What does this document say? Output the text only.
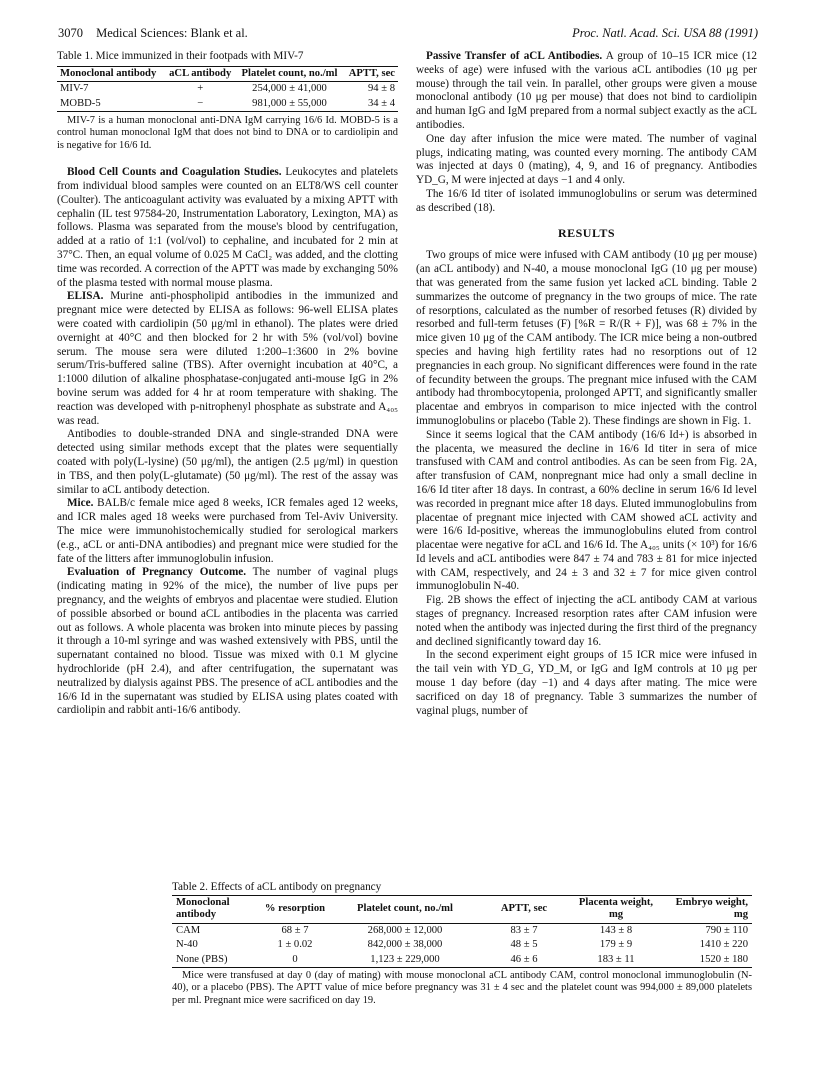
3070 Medical Sciences: Blank et al.	Proc. Natl. Acad. Sci. USA 88 (1991)
Table 1. Mice immunized in their footpads with MIV-7
Monoclonal antibody	aCL antibody	Platelet count, no./ml	APTT, sec
MIV-7	+	254,000 ± 41,000	94 ± 8
MOBD-5	−	981,000 ± 55,000	34 ± 4

MIV-7 is a human monoclonal anti-DNA IgM carrying 16/6 Id. MOBD-5 is a control human monoclonal IgM that does not bind to DNA or to cardiolipin and is negative for 16/6 Id.

Blood Cell Counts and Coagulation Studies. Leukocytes and platelets from individual blood samples were counted on an ELT8/WS cell counter (Coulter). The anticoagulant activity was evaluated by a mixing APTT with cephalin (IL test 97584-20, Instrumentation Laboratory, Lexington, MA) as follows. Plasma was separated from the mouse's blood by centrifugation, added at a ratio of 1:1 (vol/vol) to cephaline, and incubated for 2 min at 37°C. Then, an equal volume of 0.025 M CaCl₂ was added, and the clotting time was recorded. A correction of the APTT was made by exchanging 50% of the plasma tested with normal mouse plasma.

ELISA. Murine anti-phospholipid antibodies in the immunized and pregnant mice were detected by ELISA as follows: 96-well ELISA plates were coated with cardiolipin (50 μg/ml in ethanol). The plates were dried overnight at 40°C and then blocked for 2 hr with 5% (vol/vol) bovine serum. The mouse sera were diluted 1:200–1:3600 in 2% bovine serum/Tris-buffered saline (TBS). After overnight incubation at 40°C, a 1:1000 dilution of alkaline phosphatase-conjugated anti-mouse IgG in 2% bovine serum was added for 4 hr at room temperature with shaking. The reaction was developed with p-nitrophenyl phosphate as substrate and A₄₀₅ was read.

Antibodies to double-stranded DNA and single-stranded DNA were detected using similar methods except that the plates were sequentially coated with poly(L-lysine) (50 μg/ml), the antigen (2.5 μg/ml) in question in TBS, and then poly(L-glutamate) (50 μg/ml). The rest of the assay was similar to aCL antibody detection.

Mice. BALB/c female mice aged 8 weeks, ICR females aged 12 weeks, and ICR males aged 18 weeks were purchased from Tel-Aviv University. The mice were immunohistochemically studied for serological markers (e.g., aCL or anti-DNA antibodies) and pregnant mice were studied for the fate of the litters after immunoglobulin infusion.

Evaluation of Pregnancy Outcome. The number of vaginal plugs (indicating mating in 92% of the mice), the number of live pups per pregnancy, and the weights of embryos and placentae were studied. Elution of possible absorbed or bound aCL antibodies in the placenta was carried out as follows. A whole placenta was broken into minute pieces by passing it through a 10-ml syringe and was washed extensively with PBS, until the supernatant contained no blood. Tissue was mixed with 0.1 M glycine hydrochloride (pH 2.4), and after centrifugation, the supernatant was neutralized by dialysis against PBS. The presence of aCL antibodies and the 16/6 Id in the supernatant was studied by ELISA using plates coated with cardiolipin and rabbit anti-16/6 antibody.

Passive Transfer of aCL Antibodies. A group of 10–15 ICR mice (12 weeks of age) were infused with the various aCL antibodies (10 μg per mouse) through the tail vein. In parallel, other groups were given a mouse monoclonal antibody (10 μg per mouse) that does not bind to cardiolipin and human IgG and IgM prepared from a normal subject exactly as the aCL antibodies.

One day after infusion the mice were mated. The number of vaginal plugs, indicating mating, was counted every morning. The antibody CAM was injected at days 0 (mating), 4, 9, and 16 of pregnancy. Antibodies YD_G, M were injected at days −1 and 4 only.

The 16/6 Id titer of isolated immunoglobulins or serum was determined as described (18).

RESULTS

Two groups of mice were infused with CAM antibody (10 μg per mouse) (an aCL antibody) and N-40, a mouse monoclonal IgG (10 μg per mouse) that was generated from the same fusion yet lacked aCL binding. Table 2 summarizes the outcome of pregnancy in the two groups of mice. The rate of resorptions, calculated as the number of resorbed fetuses (R) divided by resorbed and full-term fetuses (F) [%R = R/(R + F)], was 68 ± 7% in the mice given 10 μg of the CAM antibody. The ICR mice being a non-outbred species and having high fertility rates had no resorptions out of 12 pregnancies in each group. No significant differences were found in the rate of fecundity between the groups. The pregnant mice infused with the CAM antibody had thrombocytopenia, prolonged APTT, and significantly smaller placentae and embryos in comparison to mice injected with the control immunoglobulins or placebo (Table 2). These findings are shown in Fig. 1.

Since it seems logical that the CAM antibody (16/6 Id+) is absorbed in the placenta, we measured the decline in 16/6 Id titer in sera of mice transfused with CAM and control antibodies. As can be seen from Fig. 2A, after transfusion of CAM, nonpregnant mice had only a small decline in 16/6 Id titer after 18 days. In contrast, a 60% decline in serum 16/6 Id level was recorded in pregnant mice after 18 days. Eluted immunoglobulins from placentae of pregnant mice injected with CAM showed aCL activity and were 16/6 Id-positive, whereas the immunoglobulins eluted from control placentae were negative for aCL and 16/6 Id. The A₄₀₅ units (× 10³) for 16/6 Id levels and aCL antibodies were 847 ± 74 and 783 ± 81 for mice injected with CAM, respectively, and 24 ± 3 and 32 ± 7 for mice given control immunoglobulin N-40.

Fig. 2B shows the effect of injecting the aCL antibody CAM at various stages of pregnancy. Increased resorption rates after CAM infusion were noted when the antibody was injected during the first third of the pregnancy and declined significantly toward day 16.

In the second experiment eight groups of 15 ICR mice were infused in the tail vein with YD_G, YD_M, or IgG and IgM controls at 10 μg per mouse 1 day before (day −1) and 4 days after mating. The mice were sacrificed on day 18 of pregnancy. Table 3 summarizes the number of vaginal plugs, number of

Table 2. Effects of aCL antibody on pregnancy
Monoclonal antibody	% resorption	Platelet count, no./ml	APTT, sec	Placenta weight, mg	Embryo weight, mg
CAM	68 ± 7	268,000 ± 12,000	83 ± 7	143 ± 8	790 ± 110
N-40	1 ± 0.02	842,000 ± 38,000	48 ± 5	179 ± 9	1410 ± 220
None (PBS)	0	1,123 ± 229,000	46 ± 6	183 ± 11	1520 ± 180

Mice were transfused at day 0 (day of mating) with mouse monoclonal aCL antibody CAM, control monoclonal immunoglobulin (N-40), or a placebo (PBS). The APTT value of mice before pregnancy was 31 ± 4 sec and the platelet count was 994,000 ± 89,000 platelets per ml. Pregnant mice were sacrificed on day 19.
